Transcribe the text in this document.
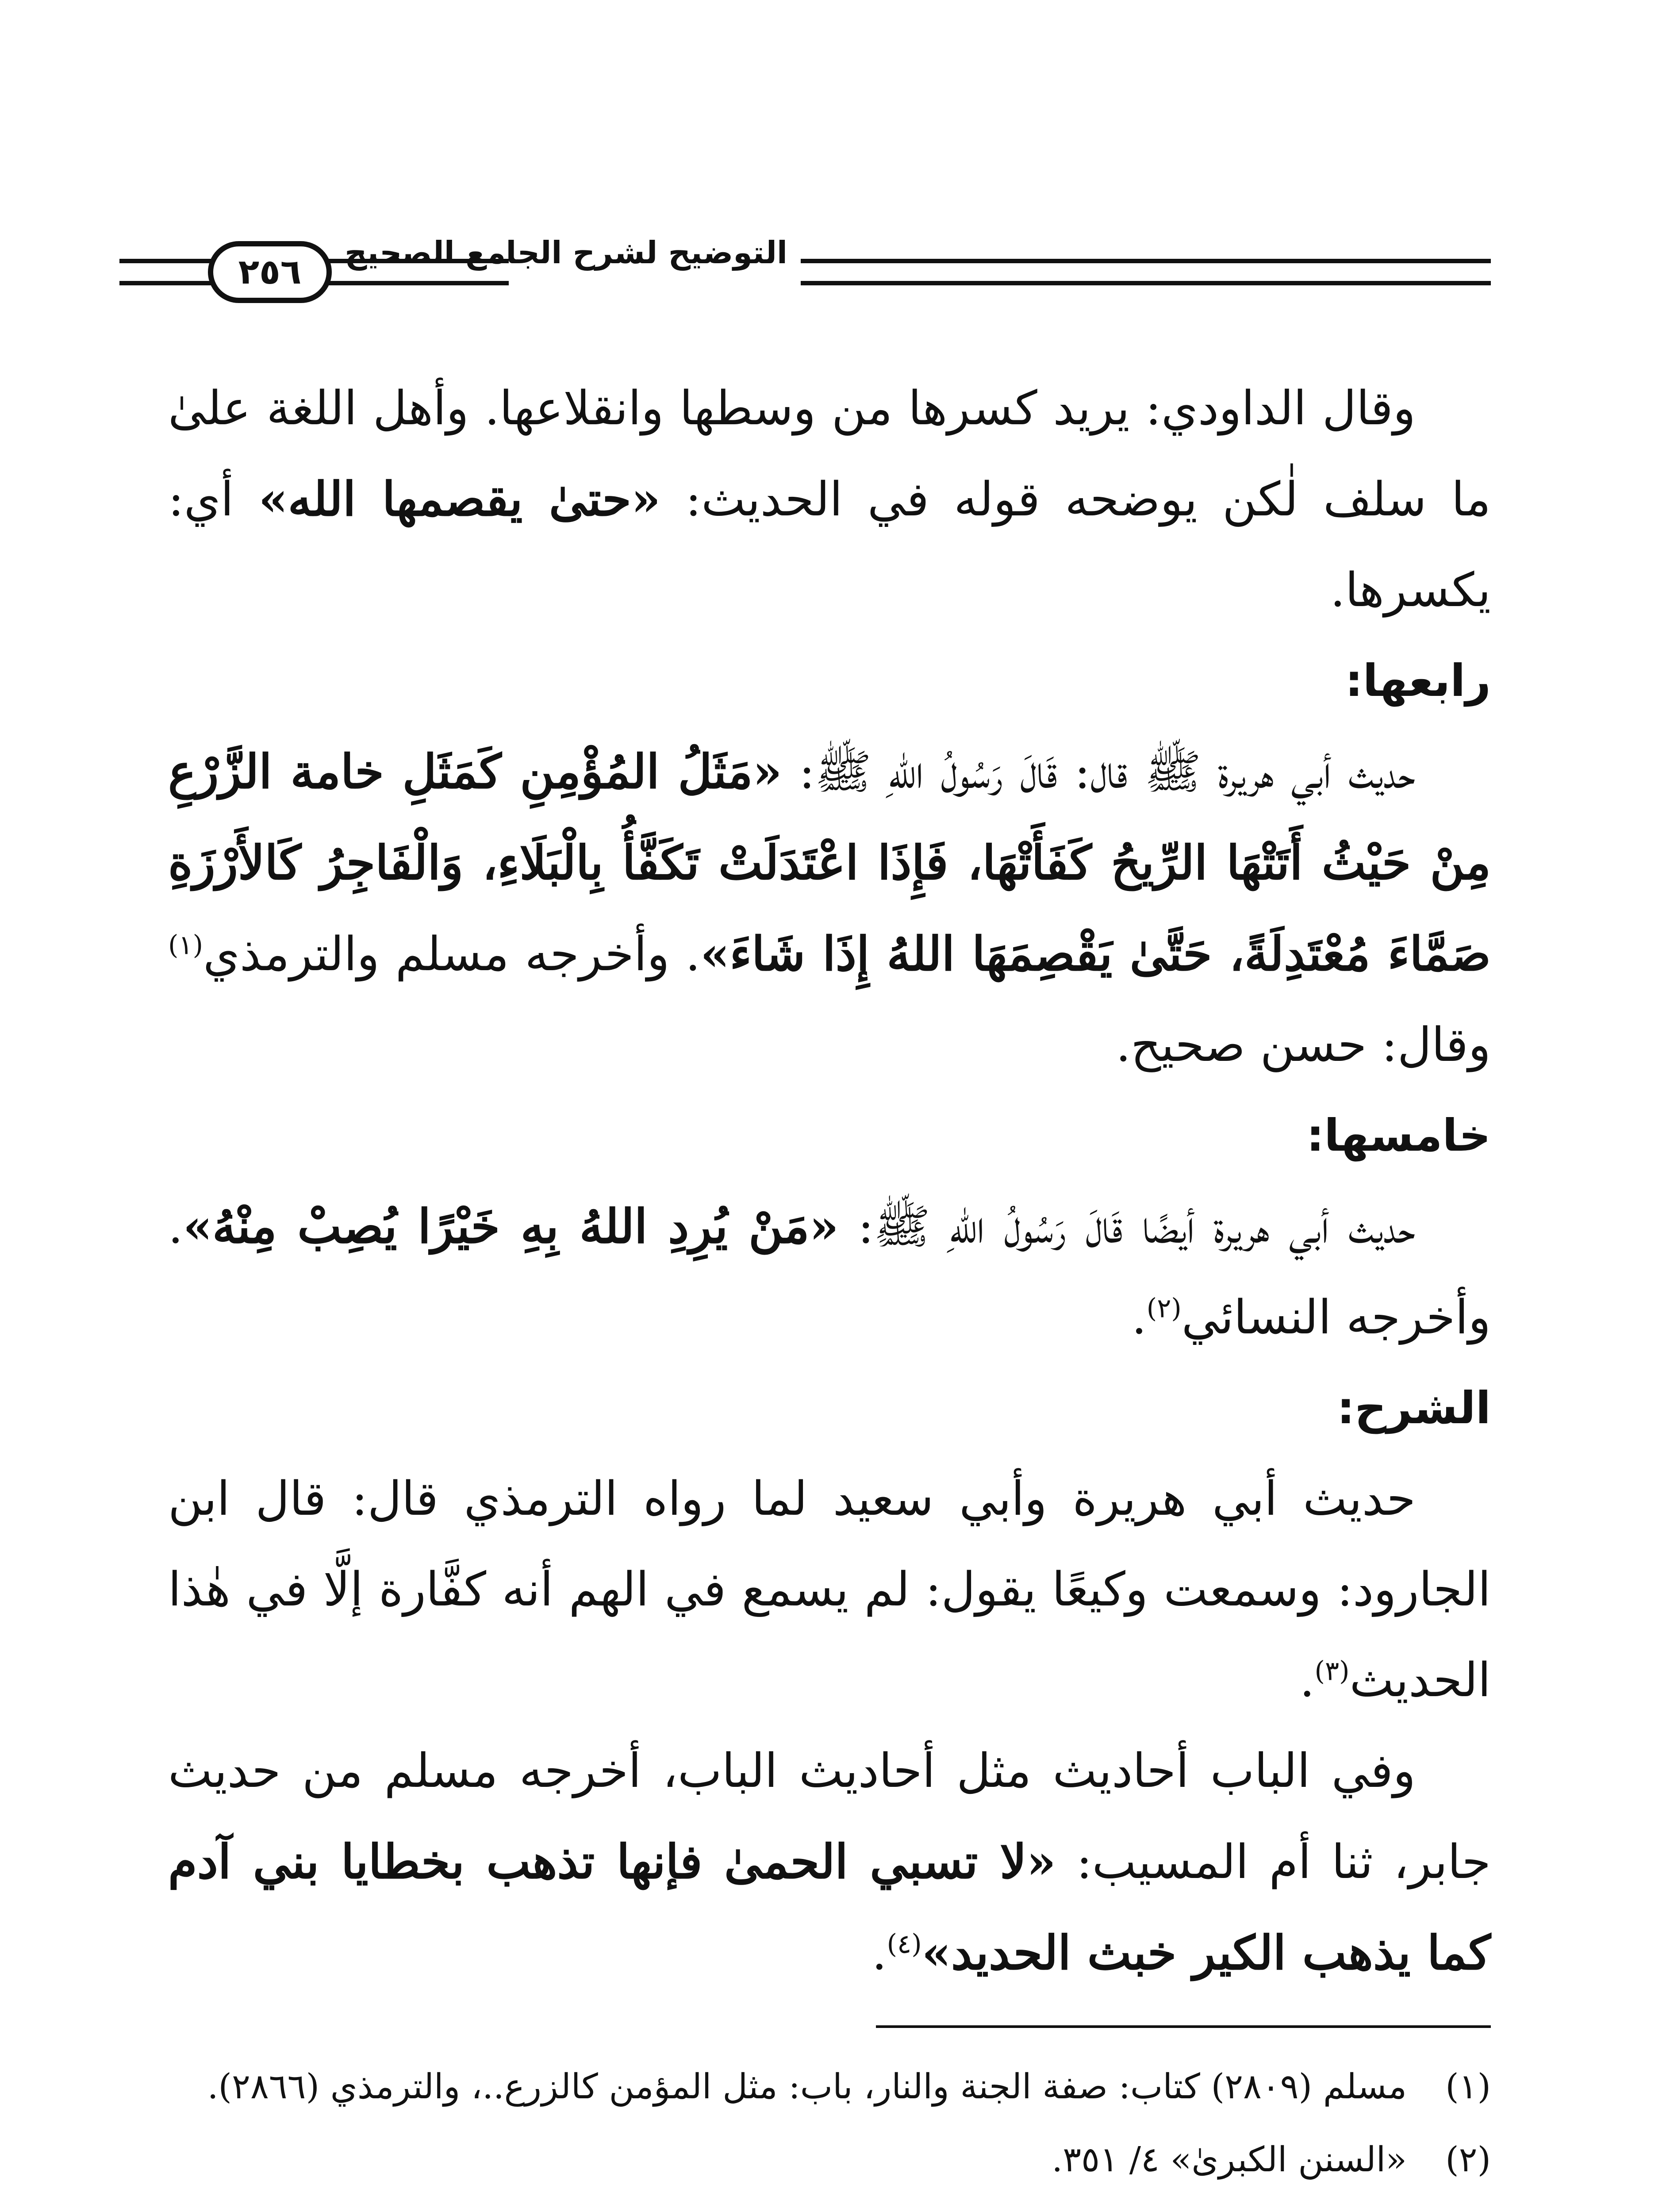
٢٥٦ التوضيح لشرح الجامع الصحيح

وقال الداودي: يريد كسرها من وسطها وانقلاعها. وأهل اللغة علىٰ ما سلف لٰكن يوضحه قوله في الحديث: «حتىٰ يقصمها الله» أي: يكسرها.

رابعها:

حديث أبي هريرة ﷺ قال: قَالَ رَسُولُ اللهِ ﷺ: «مَثَلُ المُؤْمِنِ كَمَثَلِ خامة الزَّرْعِ مِنْ حَيْثُ أَتَتْهَا الرِّيحُ كَفَأَتْهَا، فَإِذَا اعْتَدَلَتْ تَكَفَّأُ بِالْبَلَاءِ، وَالْفَاجِرُ كَالأَرْزَةِ صَمَّاءَ مُعْتَدِلَةً، حَتَّىٰ يَقْصِمَهَا اللهُ إِذَا شَاءَ». وأخرجه مسلم والترمذي$^{(١)}$ وقال: حسن صحيح.

خامسها:

حديث أبي هريرة أيضًا قَالَ رَسُولُ اللهِ ﷺ: «مَنْ يُرِدِ اللهُ بِهِ خَيْرًا يُصِبْ مِنْهُ». وأخرجه النسائي$^{(٢)}$.

الشرح:

حديث أبي هريرة وأبي سعيد لما رواه الترمذي قال: قال ابن الجارود: وسمعت وكيعًا يقول: لم يسمع في الهم أنه كفَّارة إلَّا في هٰذا الحديث$^{(٣)}$.

وفي الباب أحاديث مثل أحاديث الباب، أخرجه مسلم من حديث جابر، ثنا أم المسيب: «لا تسبي الحمىٰ فإنها تذهب بخطايا بني آدم كما يذهب الكير خبث الحديد»$^{(٤)}$.

(١)
مسلم (٢٨٠٩) كتاب: صفة الجنة والنار، باب: مثل المؤمن كالزرع..، والترمذي (٢٨٦٦).

(٢)
«السنن الكبرىٰ» ٤/ ٣٥١.
